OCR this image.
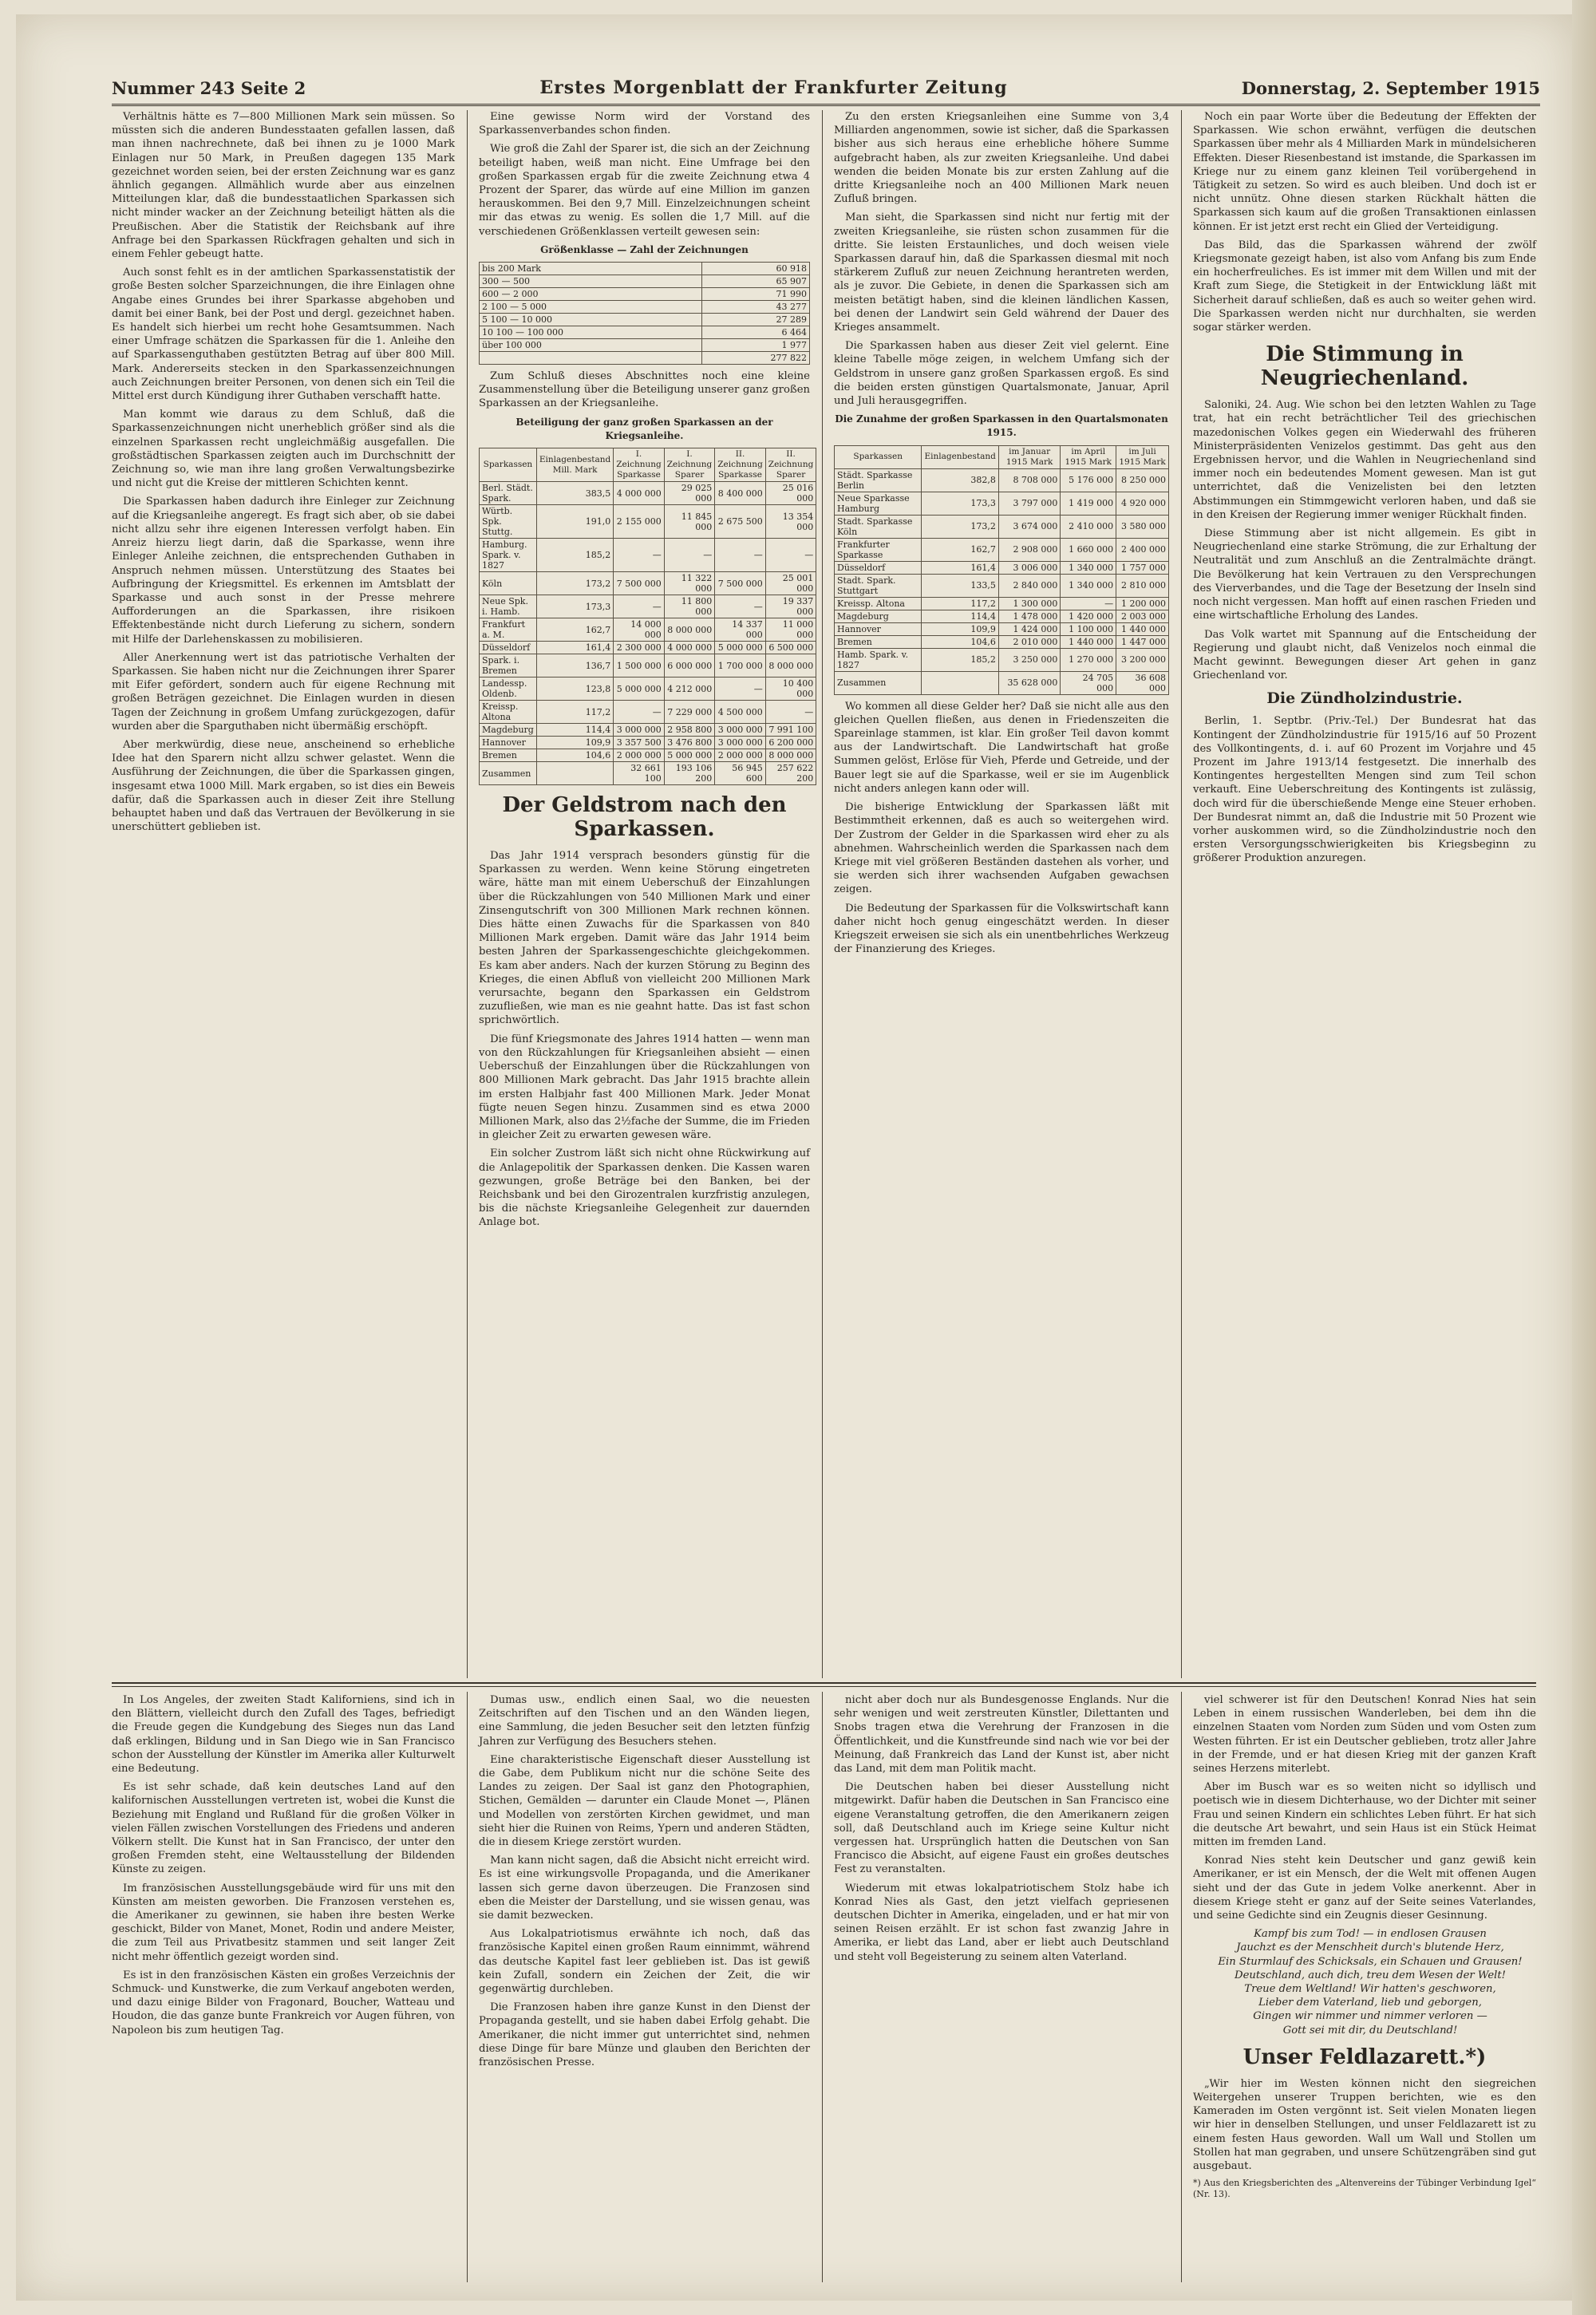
Nummer 243 Seite 2	Erstes Morgenblatt der Frankfurter Zeitung	Donnerstag, 2. September 1915

Verhältnis hätte es 7—800 Millionen Mark sein müssen. So müssten sich die anderen Bundesstaaten gefallen lassen, daß man ihnen nachrechnete, daß bei ihnen zu je 1000 Mark Einlagen nur 50 Mark, in Preußen dagegen 135 Mark gezeichnet worden seien, bei der ersten Zeichnung war es ganz ähnlich gegangen. Allmählich wurde aber aus einzelnen Mitteilungen klar, daß die bundesstaatlichen Sparkassen sich nicht minder wacker an der Zeichnung beteiligt hätten als die Preußischen. Aber die Statistik der Reichsbank auf ihre Anfrage bei den Sparkassen Rückfragen gehalten und sich in einem Fehler gebeugt hatte.

Auch sonst fehlt es in der amtlichen Sparkassenstatistik der große Besten solcher Sparzeichnungen, die ihre Einlagen ohne Angabe eines Grundes bei ihrer Sparkasse abgehoben und damit bei einer Bank, bei der Post und dergl. gezeichnet haben. Es handelt sich hierbei um recht hohe Gesamtsummen. Nach einer Umfrage schätzen die Sparkassen für die 1. Anleihe den auf Sparkassenguthaben gestützten Betrag auf über 800 Mill. Mark. Andererseits stecken in den Sparkassenzeichnungen auch Zeichnungen breiter Personen, von denen sich ein Teil die Mittel erst durch Kündigung ihrer Guthaben verschafft hatte.

Man kommt wie daraus zu dem Schluß, daß die Sparkassenzeichnungen nicht unerheblich größer sind als die einzelnen Sparkassen recht ungleichmäßig ausgefallen. Die großstädtischen Sparkassen zeigten auch im Durchschnitt der Zeichnung so, wie man ihre lang großen Verwaltungsbezirke und nicht gut die Kreise der mittleren Schichten kennt.

Die Sparkassen haben dadurch ihre Einleger zur Zeichnung auf die Kriegsanleihe angeregt. Es fragt sich aber, ob sie dabei nicht allzu sehr ihre eigenen Interessen verfolgt haben. Ein Anreiz hierzu liegt darin, daß die Sparkasse, wenn ihre Einleger Anleihe zeichnen, die entsprechenden Guthaben in Anspruch nehmen müssen. Unterstützung des Staates bei Aufbringung der Kriegsmittel. Es erkennen im Amtsblatt der Sparkasse und auch sonst in der Presse mehrere Aufforderungen an die Sparkassen, ihre risikoen Effektenbestände nicht durch Lieferung zu sichern, sondern mit Hilfe der Darlehenskassen zu mobilisieren.

Aller Anerkennung wert ist das patriotische Verhalten der Sparkassen. Sie haben nicht nur die Zeichnungen ihrer Sparer mit Eifer gefördert, sondern auch für eigene Rechnung mit großen Beträgen gezeichnet. Die Einlagen wurden in diesen Tagen der Zeichnung in großem Umfang zurückgezogen, dafür wurden aber die Sparguthaben nicht übermäßig erschöpft.

Aber merkwürdig, diese neue, anscheinend so erhebliche Idee hat den Sparern nicht allzu schwer gelastet. Wenn die Ausführung der Zeichnungen, die über die Sparkassen gingen, insgesamt etwa 1000 Mill. Mark ergaben, so ist dies ein Beweis dafür, daß die Sparkassen auch in dieser Zeit ihre Stellung behauptet haben und daß das Vertrauen der Bevölkerung in sie unerschüttert geblieben ist.

Eine gewisse Norm wird der Vorstand des Sparkassenverbandes schon finden.

Wie groß die Zahl der Sparer ist, die sich an der Zeichnung beteiligt haben, weiß man nicht. Eine Umfrage bei den großen Sparkassen ergab für die zweite Zeichnung etwa 4 Prozent der Sparer, das würde auf eine Million im ganzen herauskommen. Bei den 9,7 Mill. Einzelzeichnungen scheint mir das etwas zu wenig. Es sollen die 1,7 Mill. auf die verschiedenen Größenklassen verteilt gewesen sein:

Größenklasse — Zahl der Zeichnungen
bis 200 Mark	60 918
300 — 500	65 907
600 — 2 000	71 990
2 100 — 5 000	43 277
5 100 — 10 000	27 289
10 100 — 100 000	6 464
über 100 000	1 977
	277 822

Zum Schluß dieses Abschnittes noch eine kleine Zusammenstellung über die Beteiligung unserer ganz großen Sparkassen an der Kriegsanleihe.

Beteiligung der ganz großen Sparkassen an der Kriegsanleihe.
Sparkassen	Einlagenbestand Mill. Mark	I. Zeichnung Sparkasse	I. Zeichnung Sparer	II. Zeichnung Sparkasse	II. Zeichnung Sparer
Berl. Städt. Spark.	383,5	4 000 000	29 025 000	8 400 000	25 016 000
Würtb. Spk. Stuttg.	191,0	2 155 000	11 845 000	2 675 500	13 354 000
Hamburg. Spark. v. 1827	185,2	—	—	—	—
Köln	173,2	7 500 000	11 322 000	7 500 000	25 001 000
Neue Spk. i. Hamb.	173,3	—	11 800 000	—	19 337 000
Frankfurt a. M.	162,7	14 000 000	8 000 000	14 337 000	11 000 000
Düsseldorf	161,4	2 300 000	4 000 000	5 000 000	6 500 000
Spark. i. Bremen	136,7	1 500 000	6 000 000	1 700 000	8 000 000
Landessp. Oldenb.	123,8	5 000 000	4 212 000	—	10 400 000
Kreissp. Altona	117,2	—	7 229 000	4 500 000	—
Magdeburg	114,4	3 000 000	2 958 800	3 000 000	7 991 100
Hannover	109,9	3 357 500	3 476 800	3 000 000	6 200 000
Bremen	104,6	2 000 000	5 000 000	2 000 000	8 000 000
Zusammen		32 661 100	193 106 200	56 945 600	257 622 200
Der Geldstrom nach den Sparkassen.

Das Jahr 1914 versprach besonders günstig für die Sparkassen zu werden. Wenn keine Störung eingetreten wäre, hätte man mit einem Ueberschuß der Einzahlungen über die Rückzahlungen von 540 Millionen Mark und einer Zinsengutschrift von 300 Millionen Mark rechnen können. Dies hätte einen Zuwachs für die Sparkassen von 840 Millionen Mark ergeben. Damit wäre das Jahr 1914 beim besten Jahren der Sparkassengeschichte gleichgekommen. Es kam aber anders. Nach der kurzen Störung zu Beginn des Krieges, die einen Abfluß von vielleicht 200 Millionen Mark verursachte, begann den Sparkassen ein Geldstrom zuzufließen, wie man es nie geahnt hatte. Das ist fast schon sprichwörtlich.

Die fünf Kriegsmonate des Jahres 1914 hatten — wenn man von den Rückzahlungen für Kriegsanleihen absieht — einen Ueberschuß der Einzahlungen über die Rückzahlungen von 800 Millionen Mark gebracht. Das Jahr 1915 brachte allein im ersten Halbjahr fast 400 Millionen Mark. Jeder Monat fügte neuen Segen hinzu. Zusammen sind es etwa 2000 Millionen Mark, also das 2½fache der Summe, die im Frieden in gleicher Zeit zu erwarten gewesen wäre.

Ein solcher Zustrom läßt sich nicht ohne Rückwirkung auf die Anlagepolitik der Sparkassen denken. Die Kassen waren gezwungen, große Beträge bei den Banken, bei der Reichsbank und bei den Girozentralen kurzfristig anzulegen, bis die nächste Kriegsanleihe Gelegenheit zur dauernden Anlage bot.

Zu den ersten Kriegsanleihen eine Summe von 3,4 Milliarden angenommen, sowie ist sicher, daß die Sparkassen bisher aus sich heraus eine erhebliche höhere Summe aufgebracht haben, als zur zweiten Kriegsanleihe. Und dabei wenden die beiden Monate bis zur ersten Zahlung auf die dritte Kriegsanleihe noch an 400 Millionen Mark neuen Zufluß bringen.

Man sieht, die Sparkassen sind nicht nur fertig mit der zweiten Kriegsanleihe, sie rüsten schon zusammen für die dritte. Sie leisten Erstaunliches, und doch weisen viele Sparkassen darauf hin, daß die Sparkassen diesmal mit noch stärkerem Zufluß zur neuen Zeichnung herantreten werden, als je zuvor. Die Gebiete, in denen die Sparkassen sich am meisten betätigt haben, sind die kleinen ländlichen Kassen, bei denen der Landwirt sein Geld während der Dauer des Krieges ansammelt.

Die Sparkassen haben aus dieser Zeit viel gelernt. Eine kleine Tabelle möge zeigen, in welchem Umfang sich der Geldstrom in unsere ganz großen Sparkassen ergoß. Es sind die beiden ersten günstigen Quartalsmonate, Januar, April und Juli herausgegriffen.

Die Zunahme der großen Sparkassen in den Quartalsmonaten 1915.
Sparkassen	Einlagenbestand	im Januar 1915 Mark	im April 1915 Mark	im Juli 1915 Mark
Städt. Sparkasse Berlin	382,8	8 708 000	5 176 000	8 250 000
Neue Sparkasse Hamburg	173,3	3 797 000	1 419 000	4 920 000
Stadt. Sparkasse Köln	173,2	3 674 000	2 410 000	3 580 000
Frankfurter Sparkasse	162,7	2 908 000	1 660 000	2 400 000
Düsseldorf	161,4	3 006 000	1 340 000	1 757 000
Stadt. Spark. Stuttgart	133,5	2 840 000	1 340 000	2 810 000
Kreissp. Altona	117,2	1 300 000	—	1 200 000
Magdeburg	114,4	1 478 000	1 420 000	2 003 000
Hannover	109,9	1 424 000	1 100 000	1 440 000
Bremen	104,6	2 010 000	1 440 000	1 447 000
Hamb. Spark. v. 1827	185,2	3 250 000	1 270 000	3 200 000
Zusammen		35 628 000	24 705 000	36 608 000

Wo kommen all diese Gelder her? Daß sie nicht alle aus den gleichen Quellen fließen, aus denen in Friedenszeiten die Spareinlage stammen, ist klar. Ein großer Teil davon kommt aus der Landwirtschaft. Die Landwirtschaft hat große Summen gelöst, Erlöse für Vieh, Pferde und Getreide, und der Bauer legt sie auf die Sparkasse, weil er sie im Augenblick nicht anders anlegen kann oder will.

Die bisherige Entwicklung der Sparkassen läßt mit Bestimmtheit erkennen, daß es auch so weitergehen wird. Der Zustrom der Gelder in die Sparkassen wird eher zu als abnehmen. Wahrscheinlich werden die Sparkassen nach dem Kriege mit viel größeren Beständen dastehen als vorher, und sie werden sich ihrer wachsenden Aufgaben gewachsen zeigen.

Die Bedeutung der Sparkassen für die Volkswirtschaft kann daher nicht hoch genug eingeschätzt werden. In dieser Kriegszeit erweisen sie sich als ein unentbehrliches Werkzeug der Finanzierung des Krieges.

Noch ein paar Worte über die Bedeutung der Effekten der Sparkassen. Wie schon erwähnt, verfügen die deutschen Sparkassen über mehr als 4 Milliarden Mark in mündelsicheren Effekten. Dieser Riesenbestand ist imstande, die Sparkassen im Kriege nur zu einem ganz kleinen Teil vorübergehend in Tätigkeit zu setzen. So wird es auch bleiben. Und doch ist er nicht unnütz. Ohne diesen starken Rückhalt hätten die Sparkassen sich kaum auf die großen Transaktionen einlassen können. Er ist jetzt erst recht ein Glied der Verteidigung.

Das Bild, das die Sparkassen während der zwölf Kriegsmonate gezeigt haben, ist also vom Anfang bis zum Ende ein hocherfreuliches. Es ist immer mit dem Willen und mit der Kraft zum Siege, die Stetigkeit in der Entwicklung läßt mit Sicherheit darauf schließen, daß es auch so weiter gehen wird. Die Sparkassen werden nicht nur durchhalten, sie werden sogar stärker werden.

Die Stimmung in Neugriechenland.

Saloniki, 24. Aug. Wie schon bei den letzten Wahlen zu Tage trat, hat ein recht beträchtlicher Teil des griechischen mazedonischen Volkes gegen ein Wiederwahl des früheren Ministerpräsidenten Venizelos gestimmt. Das geht aus den Ergebnissen hervor, und die Wahlen in Neugriechenland sind immer noch ein bedeutendes Moment gewesen. Man ist gut unterrichtet, daß die Venizelisten bei den letzten Abstimmungen ein Stimmgewicht verloren haben, und daß sie in den Kreisen der Regierung immer weniger Rückhalt finden.

Diese Stimmung aber ist nicht allgemein. Es gibt in Neugriechenland eine starke Strömung, die zur Erhaltung der Neutralität und zum Anschluß an die Zentralmächte drängt. Die Bevölkerung hat kein Vertrauen zu den Versprechungen des Vierverbandes, und die Tage der Besetzung der Inseln sind noch nicht vergessen. Man hofft auf einen raschen Frieden und eine wirtschaftliche Erholung des Landes.

Das Volk wartet mit Spannung auf die Entscheidung der Regierung und glaubt nicht, daß Venizelos noch einmal die Macht gewinnt. Bewegungen dieser Art gehen in ganz Griechenland vor.

Die Zündholzindustrie.

Berlin, 1. Septbr. (Priv.-Tel.) Der Bundesrat hat das Kontingent der Zündholzindustrie für 1915/16 auf 50 Prozent des Vollkontingents, d. i. auf 60 Prozent im Vorjahre und 45 Prozent im Jahre 1913/14 festgesetzt. Die innerhalb des Kontingentes hergestellten Mengen sind zum Teil schon verkauft. Eine Ueberschreitung des Kontingents ist zulässig, doch wird für die überschießende Menge eine Steuer erhoben. Der Bundesrat nimmt an, daß die Industrie mit 50 Prozent wie vorher auskommen wird, so die Zündholzindustrie noch den ersten Versorgungsschwierigkeiten bis Kriegsbeginn zu größerer Produktion anzuregen.

In Los Angeles, der zweiten Stadt Kaliforniens, sind ich in den Blättern, vielleicht durch den Zufall des Tages, befriedigt die Freude gegen die Kundgebung des Sieges nun das Land daß erklingen, Bildung und in San Diego wie in San Francisco schon der Ausstellung der Künstler im Amerika aller Kulturwelt eine Bedeutung.

Es ist sehr schade, daß kein deutsches Land auf den kalifornischen Ausstellungen vertreten ist, wobei die Kunst die Beziehung mit England und Rußland für die großen Völker in vielen Fällen zwischen Vorstellungen des Friedens und anderen Völkern stellt. Die Kunst hat in San Francisco, der unter den großen Fremden steht, eine Weltausstellung der Bildenden Künste zu zeigen.

Im französischen Ausstellungsgebäude wird für uns mit den Künsten am meisten geworben. Die Franzosen verstehen es, die Amerikaner zu gewinnen, sie haben ihre besten Werke geschickt, Bilder von Manet, Monet, Rodin und andere Meister, die zum Teil aus Privatbesitz stammen und seit langer Zeit nicht mehr öffentlich gezeigt worden sind.

Es ist in den französischen Kästen ein großes Verzeichnis der Schmuck- und Kunstwerke, die zum Verkauf angeboten werden, und dazu einige Bilder von Fragonard, Boucher, Watteau und Houdon, die das ganze bunte Frankreich vor Augen führen, von Napoleon bis zum heutigen Tag.

Dumas usw., endlich einen Saal, wo die neuesten Zeitschriften auf den Tischen und an den Wänden liegen, eine Sammlung, die jeden Besucher seit den letzten fünfzig Jahren zur Verfügung des Besuchers stehen.

Eine charakteristische Eigenschaft dieser Ausstellung ist die Gabe, dem Publikum nicht nur die schöne Seite des Landes zu zeigen. Der Saal ist ganz den Photographien, Stichen, Gemälden — darunter ein Claude Monet —, Plänen und Modellen von zerstörten Kirchen gewidmet, und man sieht hier die Ruinen von Reims, Ypern und anderen Städten, die in diesem Kriege zerstört wurden.

Man kann nicht sagen, daß die Absicht nicht erreicht wird. Es ist eine wirkungsvolle Propaganda, und die Amerikaner lassen sich gerne davon überzeugen. Die Franzosen sind eben die Meister der Darstellung, und sie wissen genau, was sie damit bezwecken.

Aus Lokalpatriotismus erwähnte ich noch, daß das französische Kapitel einen großen Raum einnimmt, während das deutsche Kapitel fast leer geblieben ist. Das ist gewiß kein Zufall, sondern ein Zeichen der Zeit, die wir gegenwärtig durchleben.

Die Franzosen haben ihre ganze Kunst in den Dienst der Propaganda gestellt, und sie haben dabei Erfolg gehabt. Die Amerikaner, die nicht immer gut unterrichtet sind, nehmen diese Dinge für bare Münze und glauben den Berichten der französischen Presse.

nicht aber doch nur als Bundesgenosse Englands. Nur die sehr wenigen und weit zerstreuten Künstler, Dilettanten und Snobs tragen etwa die Verehrung der Franzosen in die Öffentlichkeit, und die Kunstfreunde sind nach wie vor bei der Meinung, daß Frankreich das Land der Kunst ist, aber nicht das Land, mit dem man Politik macht.

Die Deutschen haben bei dieser Ausstellung nicht mitgewirkt. Dafür haben die Deutschen in San Francisco eine eigene Veranstaltung getroffen, die den Amerikanern zeigen soll, daß Deutschland auch im Kriege seine Kultur nicht vergessen hat. Ursprünglich hatten die Deutschen von San Francisco die Absicht, auf eigene Faust ein großes deutsches Fest zu veranstalten.

Wiederum mit etwas lokalpatriotischem Stolz habe ich Konrad Nies als Gast, den jetzt vielfach gepriesenen deutschen Dichter in Amerika, eingeladen, und er hat mir von seinen Reisen erzählt. Er ist schon fast zwanzig Jahre in Amerika, er liebt das Land, aber er liebt auch Deutschland und steht voll Begeisterung zu seinem alten Vaterland.

viel schwerer ist für den Deutschen! Konrad Nies hat sein Leben in einem russischen Wanderleben, bei dem ihn die einzelnen Staaten vom Norden zum Süden und vom Osten zum Westen führten. Er ist ein Deutscher geblieben, trotz aller Jahre in der Fremde, und er hat diesen Krieg mit der ganzen Kraft seines Herzens miterlebt.

Aber im Busch war es so weiten nicht so idyllisch und poetisch wie in diesem Dichterhause, wo der Dichter mit seiner Frau und seinen Kindern ein schlichtes Leben führt. Er hat sich die deutsche Art bewahrt, und sein Haus ist ein Stück Heimat mitten im fremden Land.

Konrad Nies steht kein Deutscher und ganz gewiß kein Amerikaner, er ist ein Mensch, der die Welt mit offenen Augen sieht und der das Gute in jedem Volke anerkennt. Aber in diesem Kriege steht er ganz auf der Seite seines Vaterlandes, und seine Gedichte sind ein Zeugnis dieser Gesinnung.

Kampf bis zum Tod! — in endlosen Grausen

Jauchzt es der Menschheit durch's blutende Herz,

Ein Sturmlauf des Schicksals, ein Schauen und Grausen!

Deutschland, auch dich, treu dem Wesen der Welt!

Treue dem Weltland! Wir hatten's geschworen,

Lieber dem Vaterland, lieb und geborgen,

Gingen wir nimmer und nimmer verloren —

Gott sei mit dir, du Deutschland!

Unser Feldlazarett.*)

„Wir hier im Westen können nicht den siegreichen Weitergehen unserer Truppen berichten, wie es den Kameraden im Osten vergönnt ist. Seit vielen Monaten liegen wir hier in denselben Stellungen, und unser Feldlazarett ist zu einem festen Haus geworden. Wall um Wall und Stollen um Stollen hat man gegraben, und unsere Schützengräben sind gut ausgebaut.

*) Aus den Kriegsberichten des „Altenvereins der Tübinger Verbindung Igel“ (Nr. 13).
